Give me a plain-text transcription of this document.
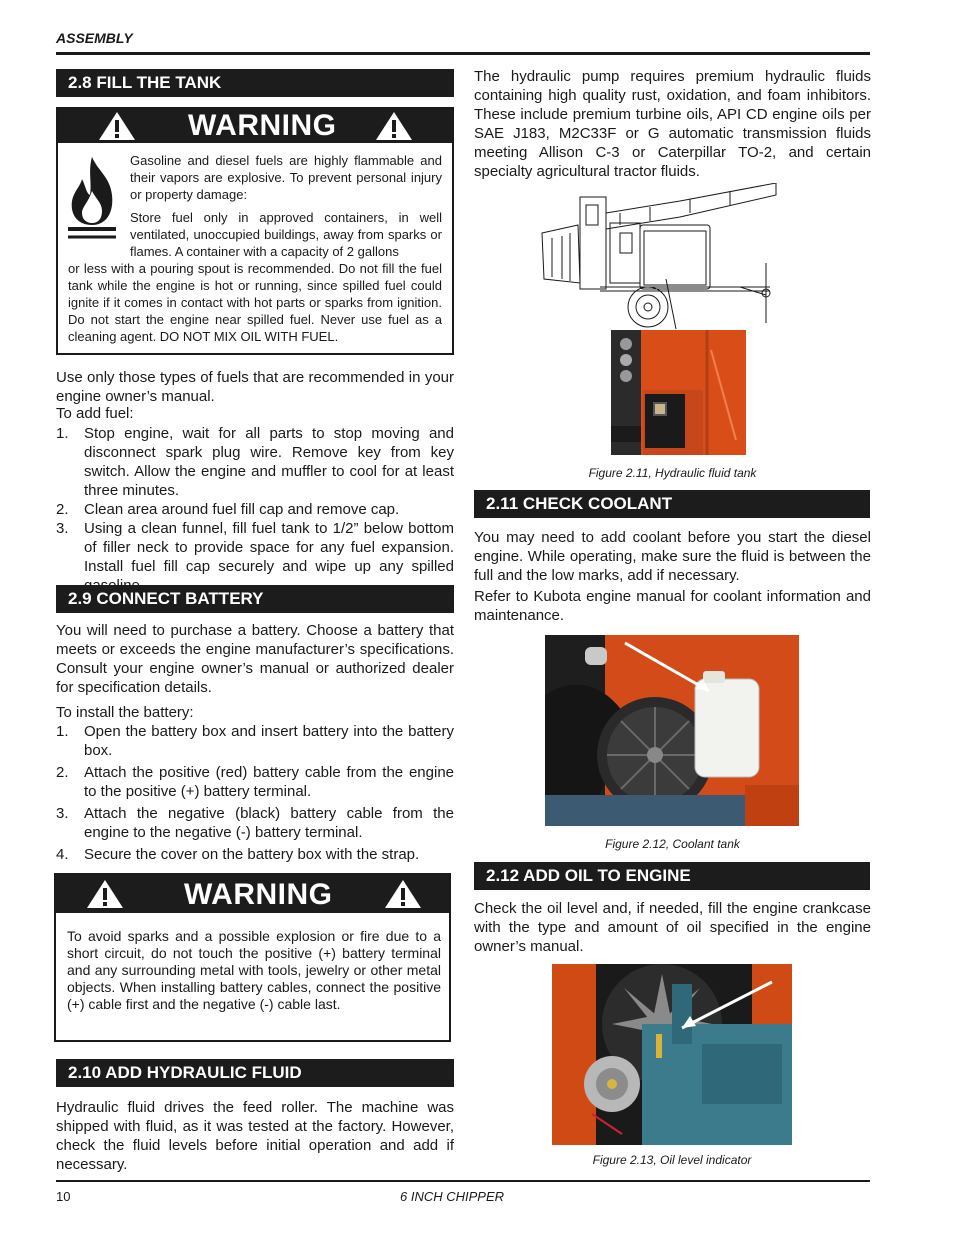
ASSEMBLY
2.8 FILL THE TANK
WARNING
Gasoline and diesel fuels are highly flammable and their vapors are explosive. To prevent personal injury or property damage:
Store fuel only in approved containers, in well ventilated, unoccupied buildings, away from sparks or flames. A container with a capacity of 2 gallons
or less with a pouring spout is recommended. Do not fill the fuel tank while the engine is hot or running, since spilled fuel could ignite if it comes in contact with hot parts or sparks from ignition. Do not start the engine near spilled fuel. Never use fuel as a cleaning agent. DO NOT MIX OIL WITH FUEL.
Use only those types of fuels that are recommended in your engine owner’s manual.
To add fuel:
1. Stop engine, wait for all parts to stop moving and disconnect spark plug wire. Remove key from key switch. Allow the engine and muffler to cool for at least three minutes.
2. Clean area around fuel fill cap and remove cap.
3. Using a clean funnel, fill fuel tank to 1/2” below bottom of filler neck to provide space for any fuel expansion. Install fuel fill cap securely and wipe up any spilled
2.9 CONNECT BATTERY
You will need to purchase a battery. Choose a battery that meets or exceeds the engine manufacturer’s specifications. Consult your engine owner’s manual or authorized dealer for specification details.
To install the battery:
1. Open the battery box and insert battery into the battery box.
2. Attach the positive (red) battery cable from the engine to the positive (+) battery terminal.
3. Attach the negative (black) battery cable from the engine to the negative (-) battery terminal.
4. Secure the cover on the battery box with the strap.
WARNING
To avoid sparks and a possible explosion or fire due to a short circuit, do not touch the positive (+) battery terminal and any surrounding metal with tools, jewelry or other metal objects. When installing battery cables, connect the positive (+) cable first and the negative (-) cable last.
2.10 ADD HYDRAULIC FLUID
Hydraulic fluid drives the feed roller. The machine was shipped with fluid, as it was tested at the factory. However, check the fluid levels before initial operation and add if necessary.
The hydraulic pump requires premium hydraulic fluids containing high quality rust, oxidation, and foam inhibitors. These include premium turbine oils, API CD engine oils per SAE J183, M2C33F or G automatic transmission fluids meeting Allison C-3 or Caterpillar TO-2, and certain specialty agricultural tractor fluids.
Figure 2.11, Hydraulic fluid tank
2.11 CHECK COOLANT
You may need to add coolant before you start the diesel engine. While operating, make sure the fluid is between the full and the low marks, add if necessary.
Refer to Kubota engine manual for coolant information and maintenance.
Figure 2.12, Coolant tank
2.12 ADD OIL TO ENGINE
Check the oil level and, if needed, fill the engine crankcase with the type and amount of oil specified in the engine owner’s manual.
Figure 2.13, Oil level indicator
10	6 INCH CHIPPER
